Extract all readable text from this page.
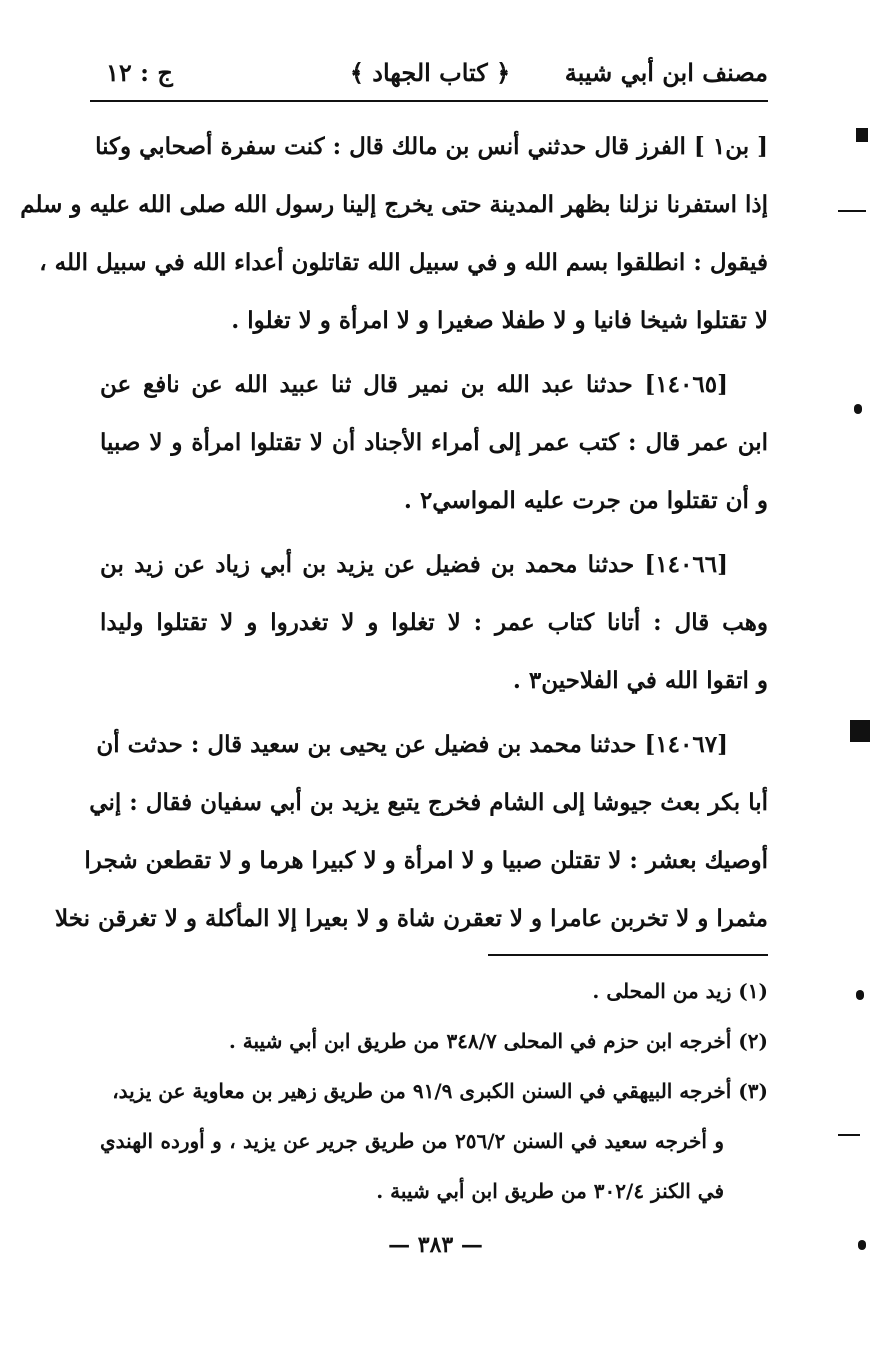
مصنف ابن أبي شيبة
﴿ كتاب الجهاد ﴾
ج : ١٢
[ بن١ ] الفرز قال حدثني أنس بن مالك قال : كنت سفرة أصحابي وكنا
إذا استفرنا نزلنا بظهر المدينة حتى يخرج إلينا رسول الله صلى الله عليه و سلم
فيقول : انطلقوا بسم الله و في سبيل الله تقاتلون أعداء الله في سبيل الله ،
لا تقتلوا شيخا فانيا و لا طفلا صغيرا و لا امرأة و لا تغلوا .
[١٤٠٦٥] حدثنا عبد الله بن نمير قال ثنا عبيد الله عن نافع عن
ابن عمر قال : كتب عمر إلى أمراء الأجناد أن لا تقتلوا امرأة و لا صبيا
و أن تقتلوا من جرت عليه المواسي٢ .
[١٤٠٦٦] حدثنا محمد بن فضيل عن يزيد بن أبي زياد عن زيد بن
وهب قال : أتانا كتاب عمر : لا تغلوا و لا تغدروا و لا تقتلوا وليدا
و اتقوا الله في الفلاحين٣ .
[١٤٠٦٧] حدثنا محمد بن فضيل عن يحيى بن سعيد قال : حدثت أن
أبا بكر بعث جيوشا إلى الشام فخرج يتبع يزيد بن أبي سفيان فقال : إني
أوصيك بعشر : لا تقتلن صبيا و لا امرأة و لا كبيرا هرما و لا تقطعن شجرا
مثمرا و لا تخربن عامرا و لا تعقرن شاة و لا بعيرا إلا المأكلة و لا تغرقن نخلا
(١) زيد من المحلى .
(٢) أخرجه ابن حزم في المحلى ٣٤٨/٧ من طريق ابن أبي شيبة .
(٣) أخرجه البيهقي في السنن الكبرى ٩١/٩ من طريق زهير بن معاوية عن يزيد،
و أخرجه سعيد في السنن ٢٥٦/٢ من طريق جرير عن يزيد ، و أورده الهندي
في الكنز ٣٠٢/٤ من طريق ابن أبي شيبة .
— ٣٨٣ —
